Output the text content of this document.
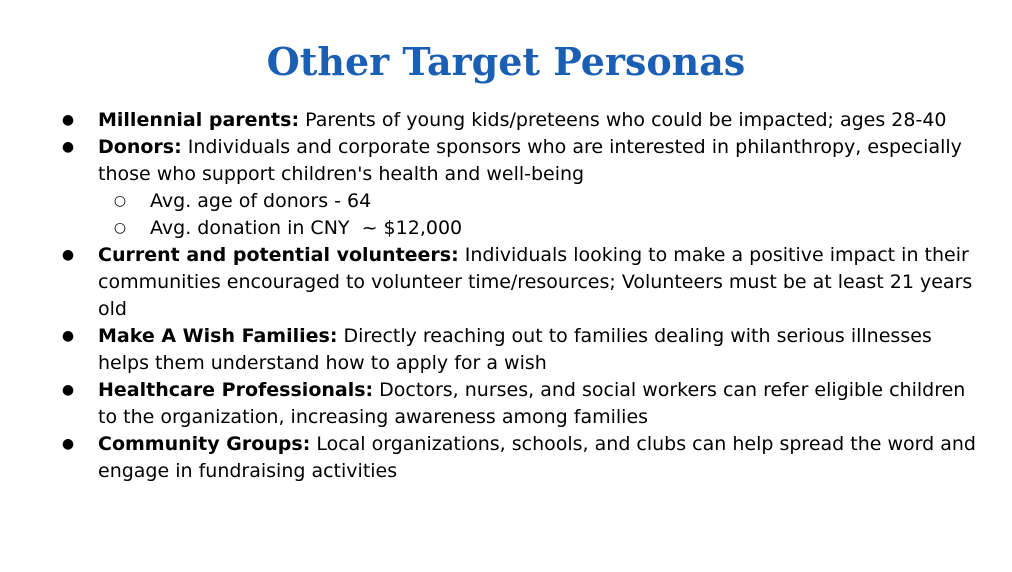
Other Target Personas
● Millennial parents: Parents of young kids/preteens who could be impacted; ages 28-40
● Donors: Individuals and corporate sponsors who are interested in philanthropy, especially those who support children's health and well-being
○ Avg. age of donors - 64
○ Avg. donation in CNY  ~ $12,000
● Current and potential volunteers: Individuals looking to make a positive impact in their communities encouraged to volunteer time/resources; Volunteers must be at least 21 years old
● Make A Wish Families: Directly reaching out to families dealing with serious illnesses helps them understand how to apply for a wish
● Healthcare Professionals: Doctors, nurses, and social workers can refer eligible children to the organization, increasing awareness among families
● Community Groups: Local organizations, schools, and clubs can help spread the word and engage in fundraising activities
